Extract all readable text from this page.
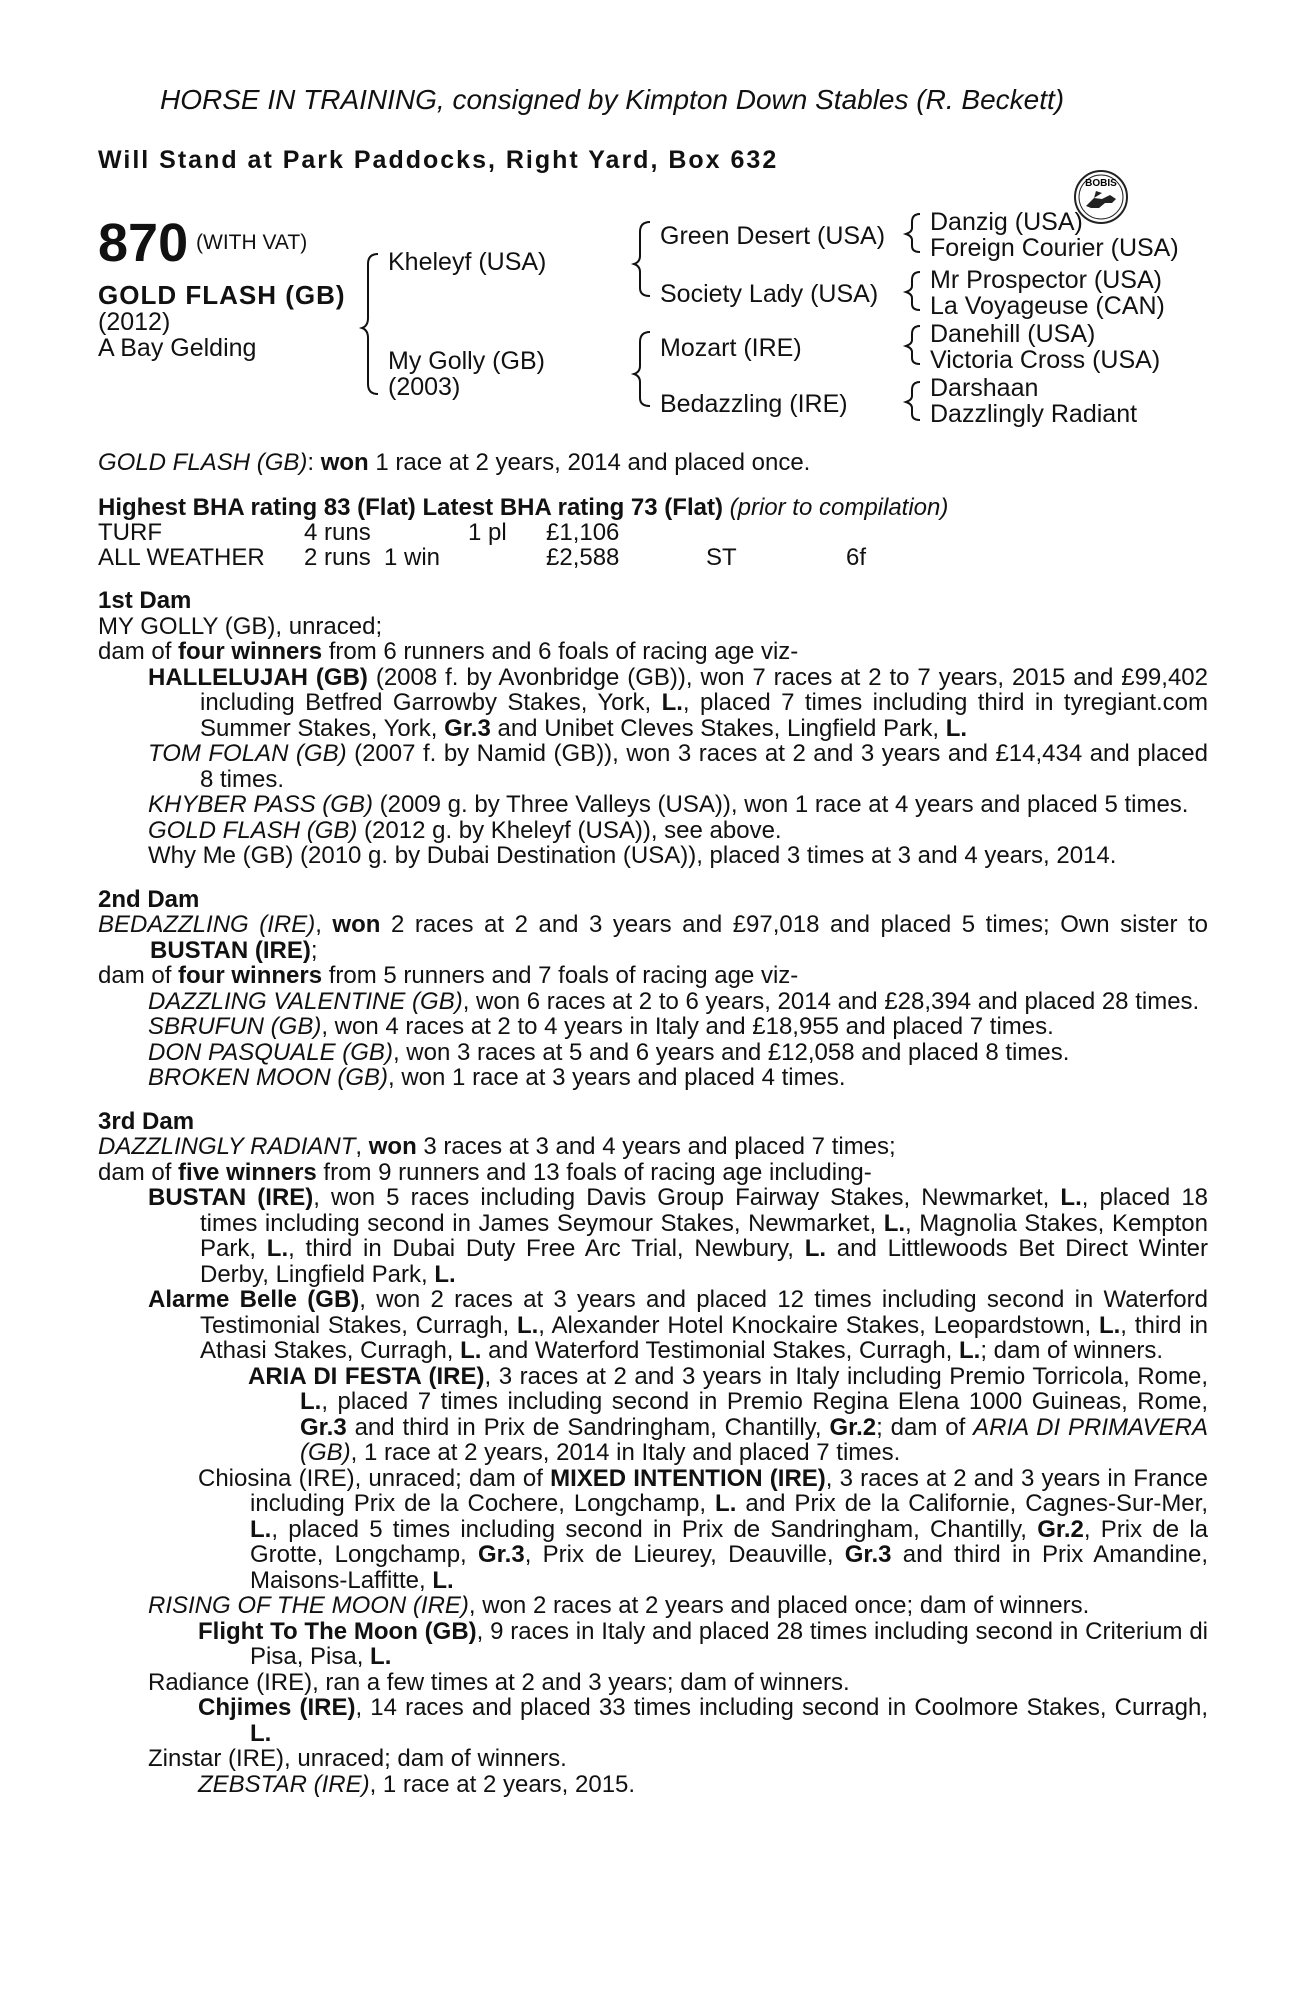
HORSE IN TRAINING, consigned by Kimpton Down Stables (R. Beckett)
Will Stand at Park Paddocks, Right Yard, Box 632
BOBIS
870 (WITH VAT)
GOLD FLASH (GB)
(2012)
A Bay Gelding
Kheleyf (USA)
My Golly (GB)
(2003)
Green Desert (USA)
Society Lady (USA)
Mozart (IRE)
Bedazzling (IRE)
Danzig (USA)
Foreign Courier (USA)
Mr Prospector (USA)
La Voyageuse (CAN)
Danehill (USA)
Victoria Cross (USA)
Darshaan
Dazzlingly Radiant

GOLD FLASH (GB): won 1 race at 2 years, 2014 and placed once.

Highest BHA rating 83 (Flat) Latest BHA rating 73 (Flat) (prior to compilation)

TURF	4 runs	1 pl £1,106
ALL WEATHER 2 runs 1 win	£2,588	ST	6f

1st Dam

MY GOLLY (GB), unraced;

dam of four winners from 6 runners and 6 foals of racing age viz-

HALLELUJAH (GB) (2008 f. by Avonbridge (GB)), won 7 races at 2 to 7 years, 2015 and £99,402 including Betfred Garrowby Stakes, York, L., placed 7 times including third in tyregiant.com Summer Stakes, York, Gr.3 and Unibet Cleves Stakes, Lingfield Park, L.

TOM FOLAN (GB) (2007 f. by Namid (GB)), won 3 races at 2 and 3 years and £14,434 and placed 8 times.

KHYBER PASS (GB) (2009 g. by Three Valleys (USA)), won 1 race at 4 years and placed 5 times.

GOLD FLASH (GB) (2012 g. by Kheleyf (USA)), see above.

Why Me (GB) (2010 g. by Dubai Destination (USA)), placed 3 times at 3 and 4 years, 2014.

2nd Dam

BEDAZZLING (IRE), won 2 races at 2 and 3 years and £97,018 and placed 5 times; Own sister to BUSTAN (IRE);

dam of four winners from 5 runners and 7 foals of racing age viz-

DAZZLING VALENTINE (GB), won 6 races at 2 to 6 years, 2014 and £28,394 and placed 28 times.

SBRUFUN (GB), won 4 races at 2 to 4 years in Italy and £18,955 and placed 7 times.

DON PASQUALE (GB), won 3 races at 5 and 6 years and £12,058 and placed 8 times.

BROKEN MOON (GB), won 1 race at 3 years and placed 4 times.

3rd Dam

DAZZLINGLY RADIANT, won 3 races at 3 and 4 years and placed 7 times;

dam of five winners from 9 runners and 13 foals of racing age including-

BUSTAN (IRE), won 5 races including Davis Group Fairway Stakes, Newmarket, L., placed 18 times including second in James Seymour Stakes, Newmarket, L., Magnolia Stakes, Kempton Park, L., third in Dubai Duty Free Arc Trial, Newbury, L. and Littlewoods Bet Direct Winter Derby, Lingfield Park, L.

Alarme Belle (GB), won 2 races at 3 years and placed 12 times including second in Waterford Testimonial Stakes, Curragh, L., Alexander Hotel Knockaire Stakes, Leopardstown, L., third in Athasi Stakes, Curragh, L. and Waterford Testimonial Stakes, Curragh, L.; dam of winners.

ARIA DI FESTA (IRE), 3 races at 2 and 3 years in Italy including Premio Torricola, Rome, L., placed 7 times including second in Premio Regina Elena 1000 Guineas, Rome, Gr.3 and third in Prix de Sandringham, Chantilly, Gr.2; dam of ARIA DI PRIMAVERA (GB), 1 race at 2 years, 2014 in Italy and placed 7 times.

Chiosina (IRE), unraced; dam of MIXED INTENTION (IRE), 3 races at 2 and 3 years in France including Prix de la Cochere, Longchamp, L. and Prix de la Californie, Cagnes-Sur-Mer, L., placed 5 times including second in Prix de Sandringham, Chantilly, Gr.2, Prix de la Grotte, Longchamp, Gr.3, Prix de Lieurey, Deauville, Gr.3 and third in Prix Amandine, Maisons-Laffitte, L.

RISING OF THE MOON (IRE), won 2 races at 2 years and placed once; dam of winners.

Flight To The Moon (GB), 9 races in Italy and placed 28 times including second in Criterium di Pisa, Pisa, L.

Radiance (IRE), ran a few times at 2 and 3 years; dam of winners.

Chjimes (IRE), 14 races and placed 33 times including second in Coolmore Stakes, Curragh, L.

Zinstar (IRE), unraced; dam of winners.

ZEBSTAR (IRE), 1 race at 2 years, 2015.
